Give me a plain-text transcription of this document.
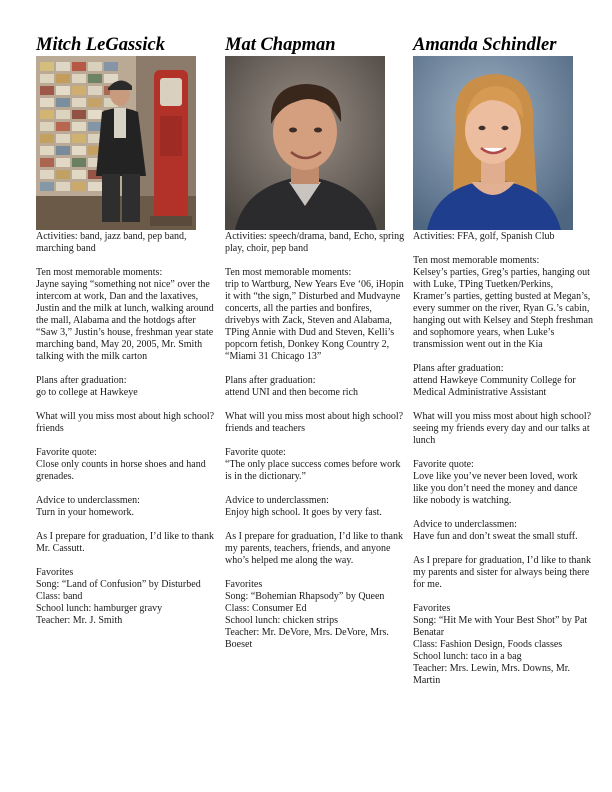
Mitch LeGassick

Activities: band, jazz band, pep band, marching band

Ten most memorable moments:
Jayne saying “something not nice” over the intercom at work, Dan and the laxatives, Justin and the milk at lunch, walking around the mall, Alabama and the hotdogs after “Saw 3,” Justin’s house, freshman year state marching band, May 20, 2005, Mr. Smith talking with the milk carton

Plans after graduation:
go to college at Hawkeye

What will you miss most about high school?
friends

Favorite quote:
Close only counts in horse shoes and hand grenades.

Advice to underclassmen:
Turn in your homework.

As I prepare for graduation, I’d like to thank Mr. Cassutt.

Favorites
Song: “Land of Confusion” by Disturbed
Class: band
School lunch: hamburger gravy
Teacher: Mr. J. Smith

Mat Chapman

Activities: speech/drama, band, Echo, spring play, choir, pep band

Ten most memorable moments:
trip to Wartburg, New Years Eve ‘06, iHopin it with “the sign,” Disturbed and Mudvayne concerts, all the parties and bonfires, drivebys with Zack, Steven and Alabama, TPing Annie with Dud and Steven, Kelli’s popcorn fetish, Donkey Kong Country 2, “Miami 31 Chicago 13”

Plans after graduation:
attend UNI and then become rich

What will you miss most about high school?
friends and teachers

Favorite quote:
“The only place success comes before work is in the dictionary.”

Advice to underclassmen:
Enjoy high school. It goes by very fast.

As I prepare for graduation, I’d like to thank my parents, teachers, friends, and anyone who’s helped me along the way.

Favorites
Song: “Bohemian Rhapsody” by Queen
Class: Consumer Ed
School lunch: chicken strips
Teacher: Mr. DeVore, Mrs. DeVore, Mrs. Boeset

Amanda Schindler

Activities: FFA, golf, Spanish Club

Ten most memorable moments:
Kelsey’s parties, Greg’s parties, hanging out with Luke, TPing Tuetken/Perkins, Kramer’s parties, getting busted at Megan’s, every summer on the river, Ryan G.’s cabin, hanging out with Kelsey and Steph freshman and sophomore years, when Luke’s transmission went out in the Kia

Plans after graduation:
attend Hawkeye Community College for Medical Administrative Assistant

What will you miss most about high school?
seeing my friends every day and our talks at lunch

Favorite quote:
Love like you’ve never been loved, work like you don’t need the money and dance like nobody is watching.

Advice to underclassmen:
Have fun and don’t sweat the small stuff.

As I prepare for graduation, I’d like to thank my parents and sister for always being there for me.

Favorites
Song: “Hit Me with Your Best Shot” by Pat Benatar
Class: Fashion Design, Foods classes
School lunch: taco in a bag
Teacher: Mrs. Lewin, Mrs. Downs, Mr. Martin
